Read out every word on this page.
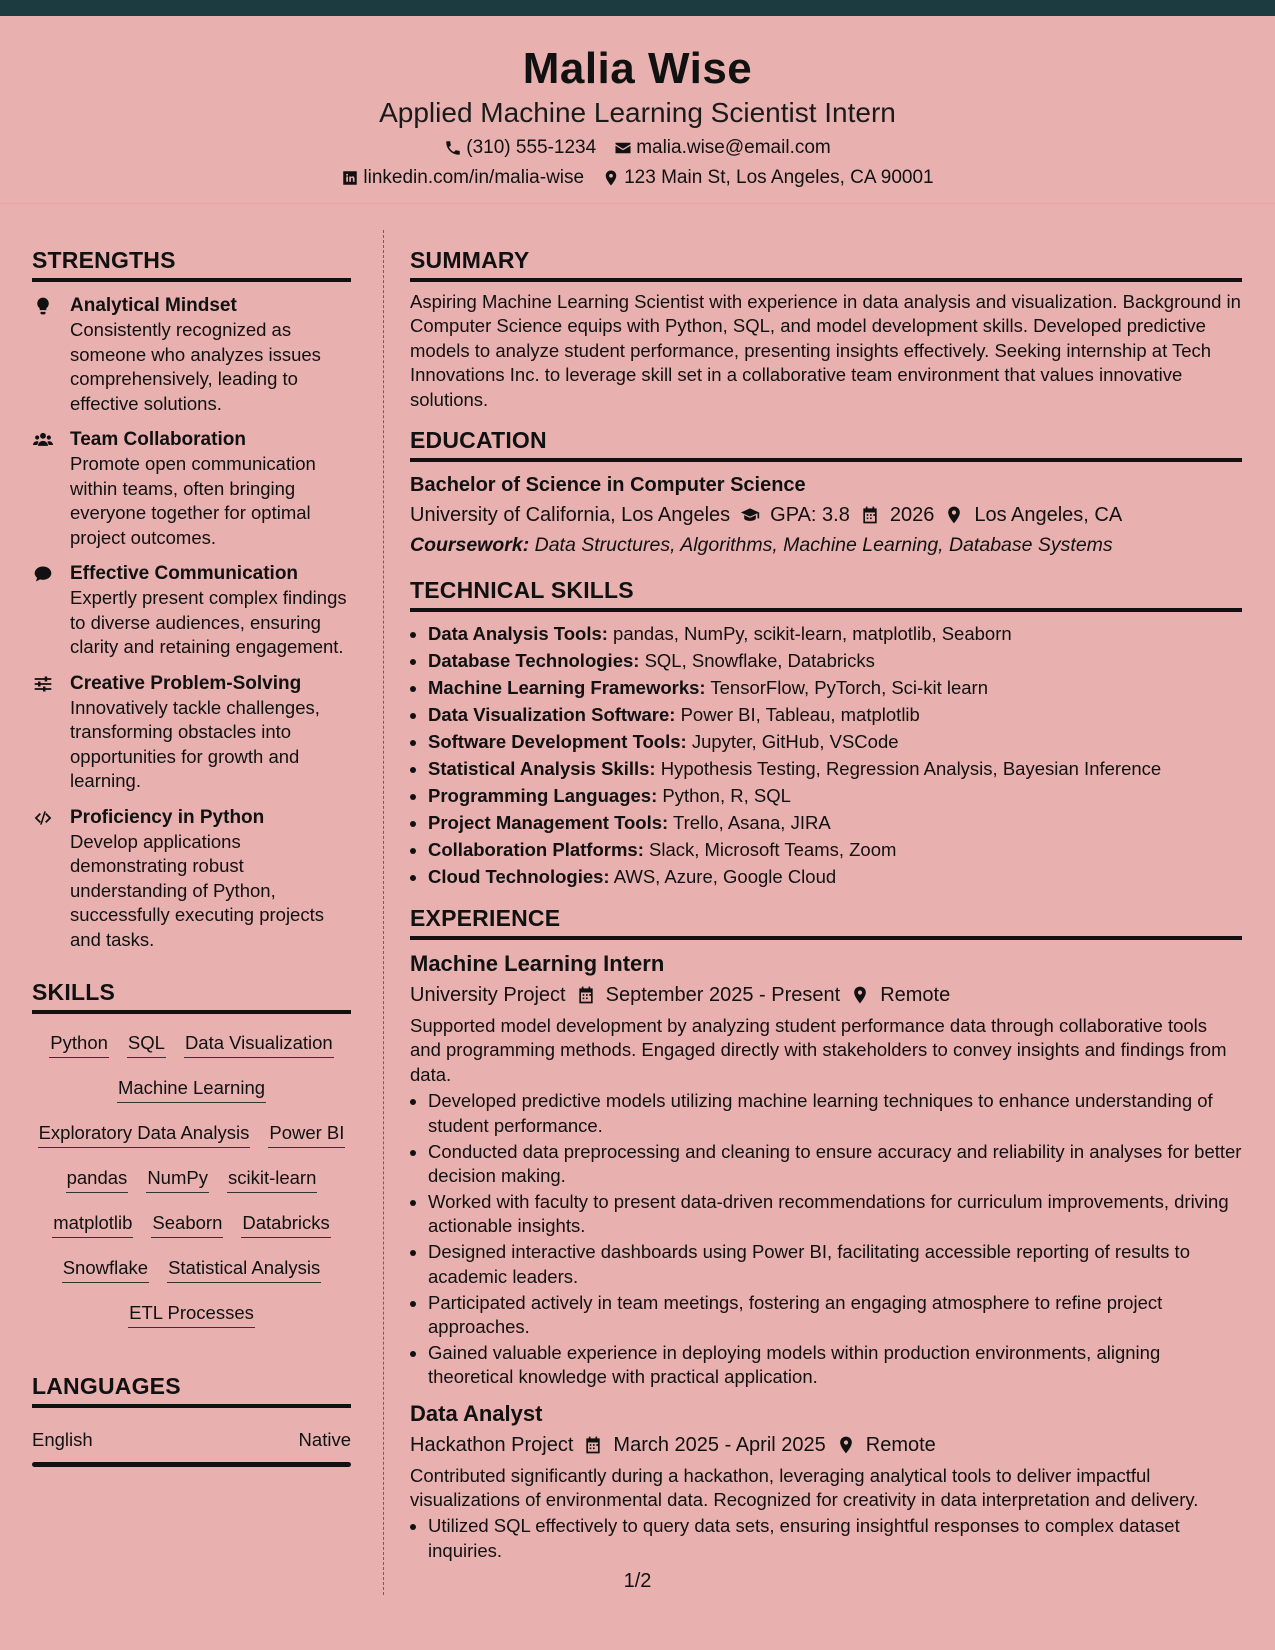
Malia Wise
Applied Machine Learning Scientist Intern
(310) 555-1234 malia.wise@email.com
linkedin.com/in/malia-wise 123 Main St, Los Angeles, CA 90001
STRENGTHS
Analytical Mindset
Consistently recognized as someone who analyzes issues comprehensively, leading to effective solutions.
Team Collaboration
Promote open communication within teams, often bringing everyone together for optimal project outcomes.
Effective Communication
Expertly present complex findings to diverse audiences, ensuring clarity and retaining engagement.
Creative Problem-Solving
Innovatively tackle challenges, transforming obstacles into opportunities for growth and learning.
Proficiency in Python
Develop applications demonstrating robust understanding of Python, successfully executing projects and tasks.
SKILLS
Python SQL Data Visualization
Machine Learning
Exploratory Data Analysis Power BI
pandas NumPy scikit-learn
matplotlib Seaborn Databricks
Snowflake Statistical Analysis
ETL Processes
LANGUAGES
English	Native
SUMMARY
Aspiring Machine Learning Scientist with experience in data analysis and visualization. Background in Computer Science equips with Python, SQL, and model development skills. Developed predictive models to analyze student performance, presenting insights effectively. Seeking internship at Tech Innovations Inc. to leverage skill set in a collaborative team environment that values innovative solutions.
EDUCATION
Bachelor of Science in Computer Science
University of California, Los Angeles GPA: 3.8 2026 Los Angeles, CA
Coursework: Data Structures, Algorithms, Machine Learning, Database Systems
TECHNICAL SKILLS
• Data Analysis Tools: pandas, NumPy, scikit-learn, matplotlib, Seaborn
• Database Technologies: SQL, Snowflake, Databricks
• Machine Learning Frameworks: TensorFlow, PyTorch, Sci-kit learn
• Data Visualization Software: Power BI, Tableau, matplotlib
• Software Development Tools: Jupyter, GitHub, VSCode
• Statistical Analysis Skills: Hypothesis Testing, Regression Analysis, Bayesian Inference
• Programming Languages: Python, R, SQL
• Project Management Tools: Trello, Asana, JIRA
• Collaboration Platforms: Slack, Microsoft Teams, Zoom
• Cloud Technologies: AWS, Azure, Google Cloud
EXPERIENCE
Machine Learning Intern
University Project September 2025 - Present Remote
Supported model development by analyzing student performance data through collaborative tools and programming methods. Engaged directly with stakeholders to convey insights and findings from data.
• Developed predictive models utilizing machine learning techniques to enhance understanding of student performance.
• Conducted data preprocessing and cleaning to ensure accuracy and reliability in analyses for better decision making.
• Worked with faculty to present data-driven recommendations for curriculum improvements, driving actionable insights.
• Designed interactive dashboards using Power BI, facilitating accessible reporting of results to academic leaders.
• Participated actively in team meetings, fostering an engaging atmosphere to refine project approaches.
• Gained valuable experience in deploying models within production environments, aligning theoretical knowledge with practical application.
Data Analyst
Hackathon Project March 2025 - April 2025 Remote
Contributed significantly during a hackathon, leveraging analytical tools to deliver impactful visualizations of environmental data. Recognized for creativity in data interpretation and delivery.
• Utilized SQL effectively to query data sets, ensuring insightful responses to complex dataset inquiries.
1/2
